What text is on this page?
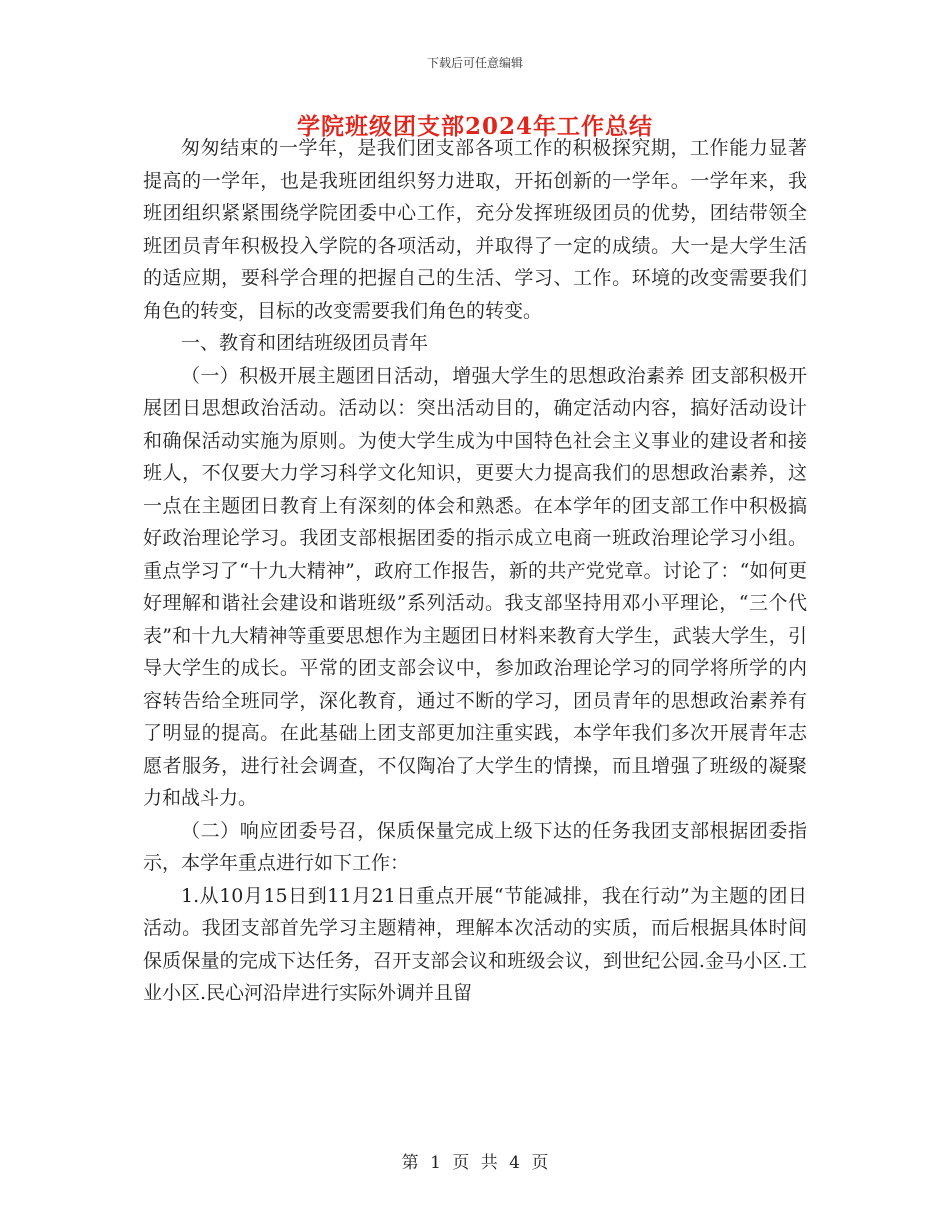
下载后可任意编辑
学院班级团支部2024年工作总结

匆匆结束的一学年，是我们团支部各项工作的积极探究期，工作能力显著提高的一学年，也是我班团组织努力进取，开拓创新的一学年。一学年来，我班团组织紧紧围绕学院团委中心工作，充分发挥班级团员的优势，团结带领全班团员青年积极投入学院的各项活动，并取得了一定的成绩。大一是大学生活的适应期，要科学合理的把握自己的生活、学习、工作。环境的改变需要我们角色的转变，目标的改变需要我们角色的转变。

一、教育和团结班级团员青年

（一）积极开展主题团日活动，增强大学生的思想政治素养 团支部积极开展团日思想政治活动。活动以：突出活动目的，确定活动内容，搞好活动设计和确保活动实施为原则。为使大学生成为中国特色社会主义事业的建设者和接班人，不仅要大力学习科学文化知识，更要大力提高我们的思想政治素养，这一点在主题团日教育上有深刻的体会和熟悉。在本学年的团支部工作中积极搞好政治理论学习。我团支部根据团委的指示成立电商一班政治理论学习小组。重点学习了“十九大精神”，政府工作报告，新的共产党党章。讨论了：“如何更好理解和谐社会建设和谐班级”系列活动。我支部坚持用邓小平理论，“三个代表”和十九大精神等重要思想作为主题团日材料来教育大学生，武装大学生，引导大学生的成长。平常的团支部会议中，参加政治理论学习的同学将所学的内容转告给全班同学，深化教育，通过不断的学习，团员青年的思想政治素养有了明显的提高。在此基础上团支部更加注重实践，本学年我们多次开展青年志愿者服务，进行社会调查，不仅陶冶了大学生的情操，而且增强了班级的凝聚力和战斗力。

（二）响应团委号召，保质保量完成上级下达的任务我团支部根据团委指示，本学年重点进行如下工作：

1.从10月15日到11月21日重点开展“节能减排，我在行动”为主题的团日活动。我团支部首先学习主题精神，理解本次活动的实质，而后根据具体时间保质保量的完成下达任务，召开支部会议和班级会议，到世纪公园.金马小区.工业小区.民心河沿岸进行实际外调并且留

第 1 页 共 4 页
